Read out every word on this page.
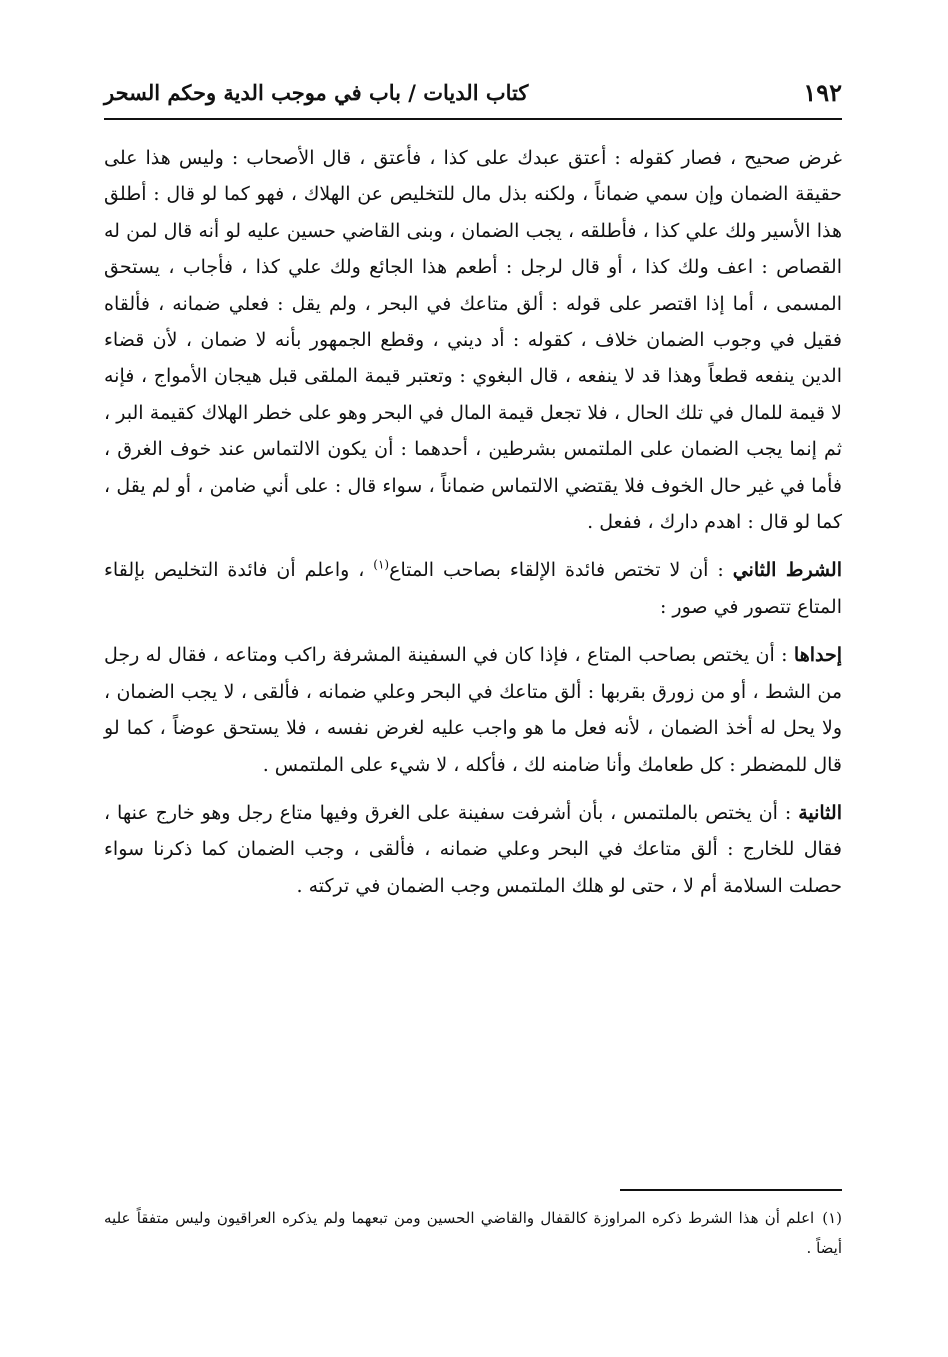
١٩٢
كتاب الديات / باب في موجب الدية وحكم السحر

غرض صحيح ، فصار كقوله : أعتق عبدك على كذا ، فأعتق ، قال الأصحاب : وليس هذا على حقيقة الضمان وإن سمي ضماناً ، ولكنه بذل مال للتخليص عن الهلاك ، فهو كما لو قال : أطلق هذا الأسير ولك علي كذا ، فأطلقه ، يجب الضمان ، وبنى القاضي حسين عليه لو أنه قال لمن له القصاص : اعف ولك كذا ، أو قال لرجل : أطعم هذا الجائع ولك علي كذا ، فأجاب ، يستحق المسمى ، أما إذا اقتصر على قوله : ألق متاعك في البحر ، ولم يقل : فعلي ضمانه ، فألقاه فقيل في وجوب الضمان خلاف ، كقوله : أد ديني ، وقطع الجمهور بأنه لا ضمان ، لأن قضاء الدين ينفعه قطعاً وهذا قد لا ينفعه ، قال البغوي : وتعتبر قيمة الملقى قبل هيجان الأمواج ، فإنه لا قيمة للمال في تلك الحال ، فلا تجعل قيمة المال في البحر وهو على خطر الهلاك كقيمة البر ، ثم إنما يجب الضمان على الملتمس بشرطين ، أحدهما : أن يكون الالتماس عند خوف الغرق ، فأما في غير حال الخوف فلا يقتضي الالتماس ضماناً ، سواء قال : على أني ضامن ، أو لم يقل ، كما لو قال : اهدم دارك ، ففعل .

الشرط الثاني : أن لا تختص فائدة الإلقاء بصاحب المتاع$^{(١)}$ ، واعلم أن فائدة التخليص بإلقاء المتاع تتصور في صور :

إحداها : أن يختص بصاحب المتاع ، فإذا كان في السفينة المشرفة راكب ومتاعه ، فقال له رجل من الشط ، أو من زورق بقربها : ألق متاعك في البحر وعلي ضمانه ، فألقى ، لا يجب الضمان ، ولا يحل له أخذ الضمان ، لأنه فعل ما هو واجب عليه لغرض نفسه ، فلا يستحق عوضاً ، كما لو قال للمضطر : كل طعامك وأنا ضامنه لك ، فأكله ، لا شيء على الملتمس .

الثانية : أن يختص بالملتمس ، بأن أشرفت سفينة على الغرق وفيها متاع رجل وهو خارج عنها ، فقال للخارج : ألق متاعك في البحر وعلي ضمانه ، فألقى ، وجب الضمان كما ذكرنا سواء حصلت السلامة أم لا ، حتى لو هلك الملتمس وجب الضمان في تركته .

(١)اعلم أن هذا الشرط ذكره المراوزة كالقفال والقاضي الحسين ومن تبعهما ولم يذكره العراقيون وليس متفقاً عليه أيضاً .
